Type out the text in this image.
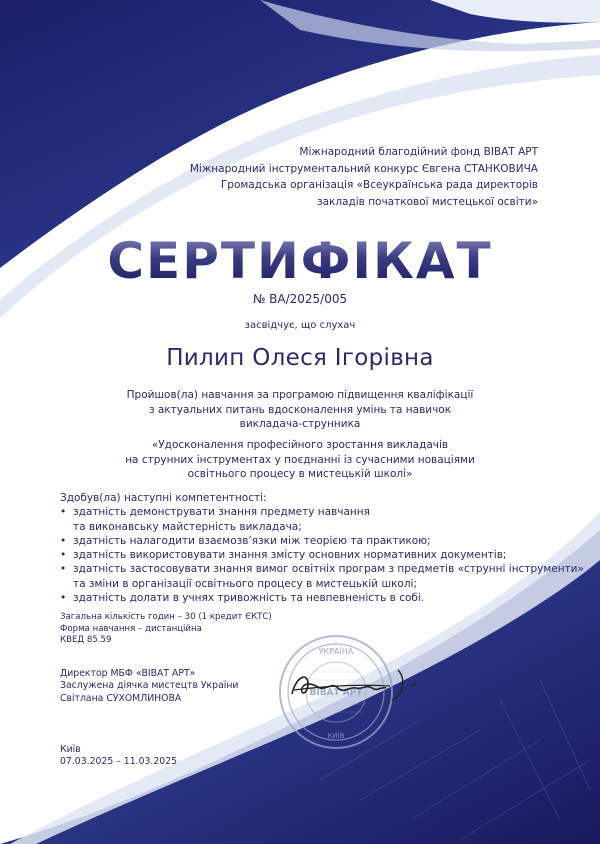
СЕРТИФІКАТ
Міжнародний благодійний фонд ВІВАТ АРТ
Міжнародний інструментальний конкурс Євгена СТАНКОВИЧА
Громадська організація «Всеукраїнська рада директорів
закладів початкової мистецької освіти»
№ ВА/2025/005
засвідчує, що слухач
Пилип Олеся Ігорівна
Пройшов(ла) навчання за програмою підвищення кваліфікації
з актуальних питань вдосконалення умінь та навичок
викладача-струнника
«Удосконалення професійного зростання викладачів
на струнних інструментах у поєднанні із сучасними новаціями
освітнього процесу в мистецькій школі»
Здобув(ла) наступні компетентності:
• здатність демонструвати знання предмету навчання
та виконавську майстерність викладача;
• здатність налагодити взаємозв’язки між теорією та практикою;
• здатність використовувати знання змісту основних нормативних документів;
• здатність застосовувати знання вимог освітніх програм з предметів «струнні інструменти»
та зміни в організації освітнього процесу в мистецькій школі;
• здатність долати в учнях тривожність та невпевненість в собі.
Загальна кількість годин – 30 (1 кредит ЄКТС)
Форма навчання – дистанційна
КВЕД 85.59
Директор МБФ «ВІВАТ АРТ»
Заслужена діячка мистецтв України
Світлана СУХОМЛИНОВА
Київ
07.03.2025 – 11.03.2025
УКРАЇНА
ВІВАТ АРТ
КИЇВ
